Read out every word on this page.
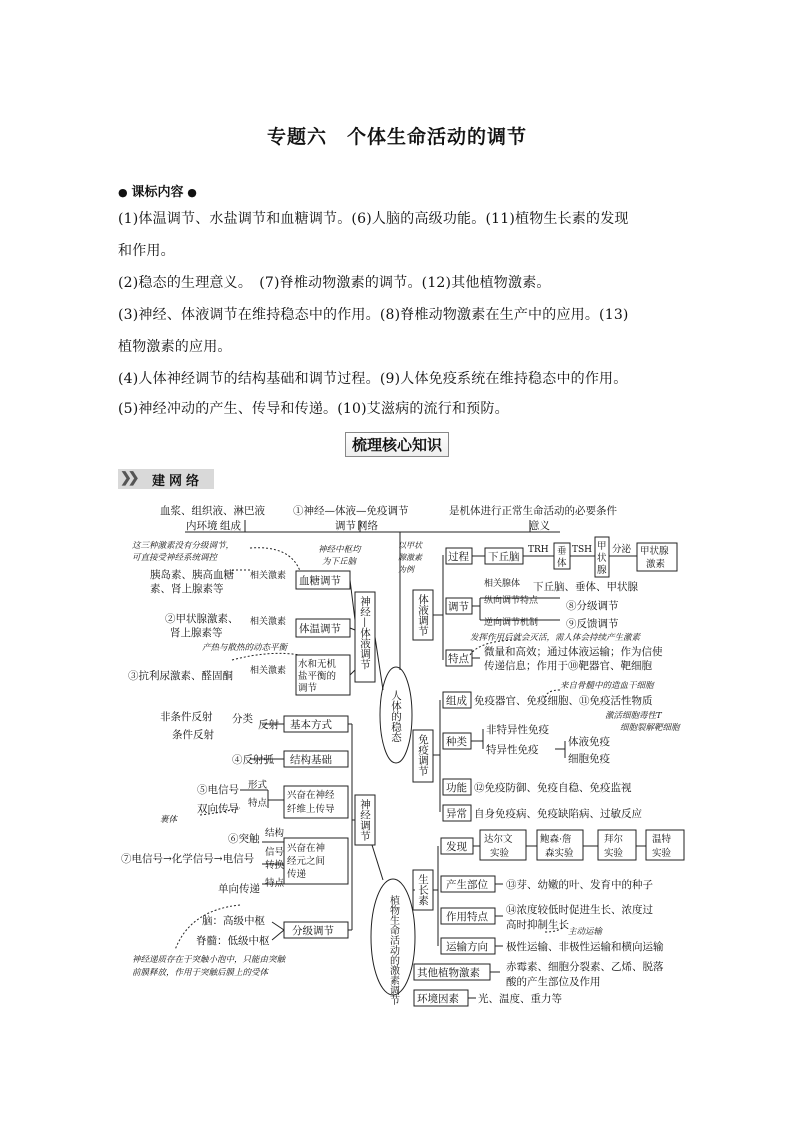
专题六　个体生命活动的调节
● 课标内容 ●
(1)体温调节、水盐调节和血糖调节。(6)人脑的高级功能。(11)植物生长素的发现
和作用。
(2)稳态的生理意义。　(7)脊椎动物激素的调节。(12)其他植物激素。
(3)神经、体液调节在维持稳态中的作用。(8)脊椎动物激素在生产中的应用。(13)
植物激素的应用。
(4)人体神经调节的结构基础和调节过程。(9)人体免疫系统在维持稳态中的作用。
(5)神经冲动的产生、传导和传递。(10)艾滋病的流行和预防。
梳理核心知识
❯❯ 建网络
血浆、组织液、淋巴液	①神经—体液—免疫调节	是机体进行正常生命活动的必要条件
内环境 组成	调节 网络	意义
人体的稳态
植物生命活动的激素调节
神经—体液调节	体液调节
免疫调节
神经调节
生长素
胰岛素、胰高血糖
素、肾上腺素等
相关激素 血糖调节
②甲状腺激素、
肾上腺素等
相关激素
体温调节
③抗利尿激素、醛固酮 相关激素
水和无机
盐平衡的
调节
过程 下丘脑
TRH 垂
体
TSH 甲
状
腺
分泌 甲状腺
激素
调节
相关腺体 下丘脑、垂体、甲状腺
纵向调节特点	⑧分级调节
逆向调节机制	⑨反馈调节
特点
微量和高效；通过体液运输；作为信使
传递信息；作用于⑩靶器官、靶细胞
组成 免疫器官、免疫细胞、⑪免疫活性物质
种类
非特异性免疫
特异性免疫
体液免疫
细胞免疫
功能 ⑫免疫防御、免疫自稳、免疫监视
异常 自身免疫病、免疫缺陷病、过敏反应
非条件反射
条件反射
分类 反射 基本方式
④反射弧 结构基础
⑤电信号 形式
双向传导 特点
兴奋在神经
纤维上传导
⑥突触 结构
⑦电信号→化学信号→电信号
信号
转换
单向传递 特点
兴奋在神
经元之间
传递
脑：高级中枢
脊髓：低级中枢
分级调节
发现
达尔文
实验
鲍森·詹
森实验
拜尔
实验
温特
实验
产生部位 ⑬芽、幼嫩的叶、发育中的种子
作用特点
⑭浓度较低时促进生长、浓度过
高时抑制生长
运输方向 极性运输、非极性运输和横向运输
其他植物激素 赤霉素、细胞分裂素、乙烯、脱落
酸的产生部位及作用
环境因素 光、温度、重力等
这三种激素没有分级调节，
可直接受神经系统调控
神经中枢均
为下丘脑
以甲状
腺激素
为例
产热与散热的动态平衡
发挥作用后就会灭活，需人体会持续产生激素
来自骨髓中的造血干细胞
激活细胞毒性T
细胞裂解靶细胞
裹体
主动运输
神经递质存在于突触小泡中，只能由突触
前膜释放，作用于突触后膜上的受体
